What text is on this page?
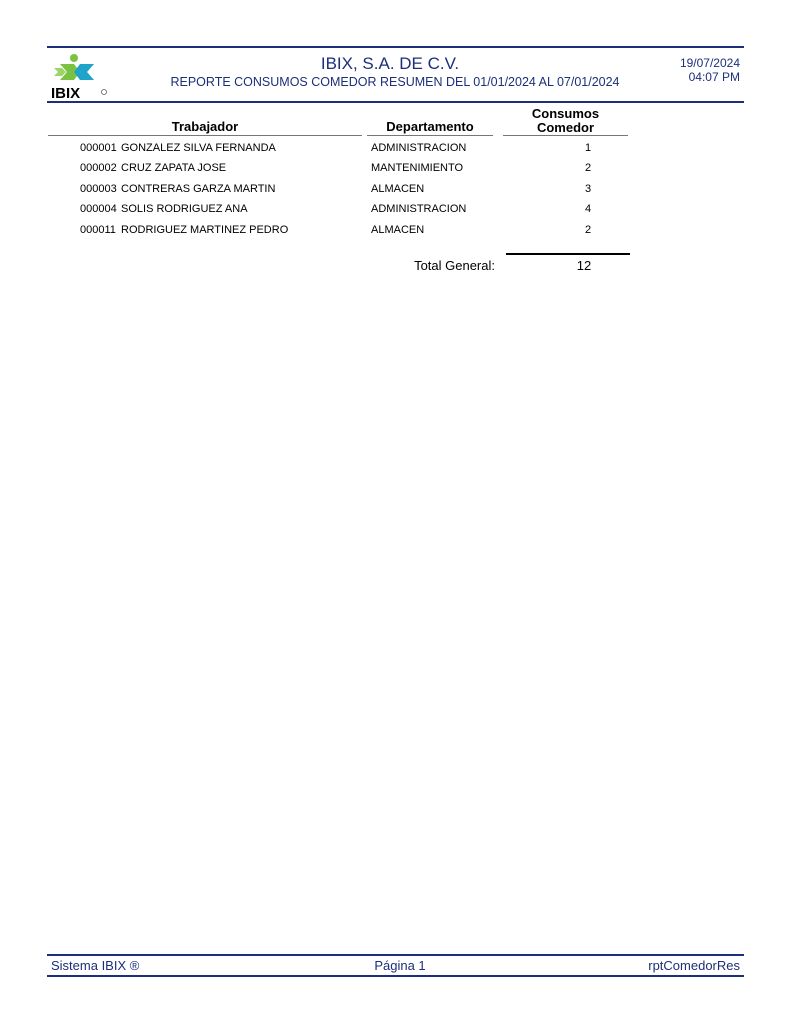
IBIX
IBIX, S.A. DE C.V.
REPORTE CONSUMOS COMEDOR RESUMEN DEL 01/01/2024 AL 07/01/2024
19/07/2024
04:07 PM
Trabajador	Departamento
Consumos
Comedor
000001 GONZALEZ SILVA FERNANDA	ADMINISTRACION	1
000002 CRUZ ZAPATA JOSE	MANTENIMIENTO	2
000003 CONTRERAS GARZA MARTIN	ALMACEN	3
000004 SOLIS RODRIGUEZ ANA	ADMINISTRACION	4
000011 RODRIGUEZ MARTINEZ PEDRO	ALMACEN	2
Total General:	12
Sistema IBIX ®	Página 1	rptComedorRes
